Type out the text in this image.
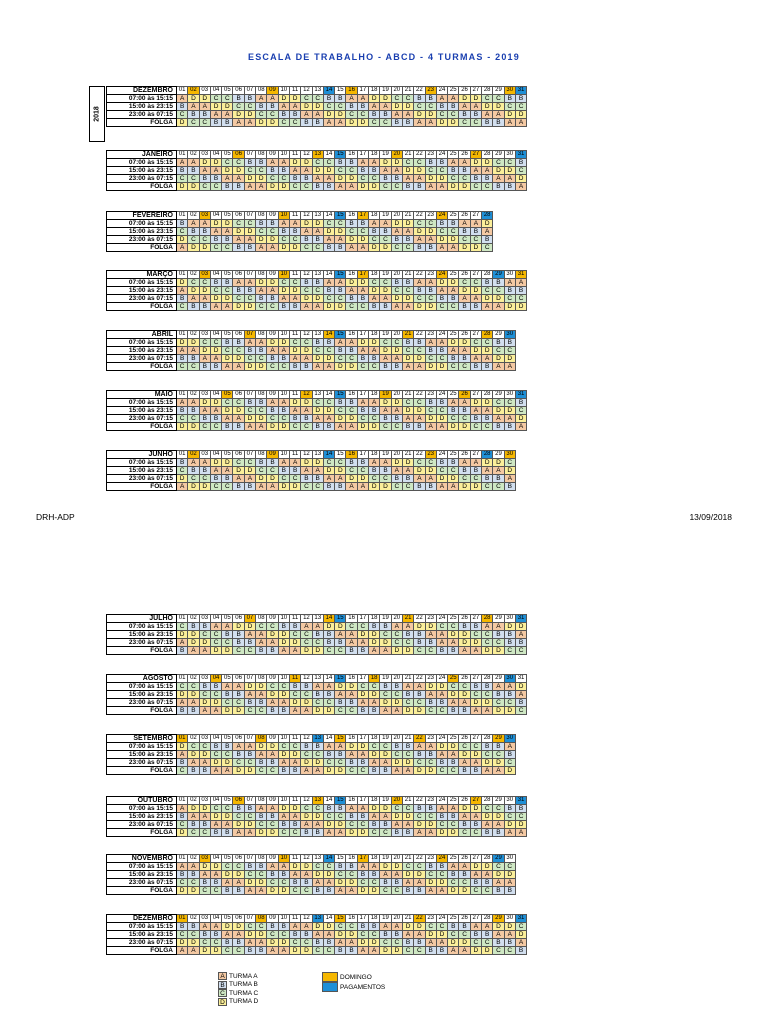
ESCALA DE TRABALHO - ABCD - 4 TURMAS - 2019
2018
DEZEMBRO	01	02	03	04	05	06	07	08	09	10	11	12	13	14	15	16	17	18	19	20	21	22	23	24	25	26	27	28	29	30	31
07:00 às 15:15	A	D	D	C	C	B	B	A	A	D	D	C	C	B	B	A	A	D	D	C	C	B	B	A	A	D	D	C	C	B	B
15:00 às 23:15	B	A	A	D	D	C	C	B	B	A	A	D	D	C	C	B	B	A	A	D	D	C	C	B	B	A	A	D	D	C	C
23:00 às 07:15	C	B	B	A	A	D	D	C	C	B	B	A	A	D	D	C	C	B	B	A	A	D	D	C	C	B	B	A	A	D	D
FOLGA	D	C	C	B	B	A	A	D	D	C	C	B	B	A	A	D	D	C	C	B	B	A	A	D	D	C	C	B	B	A	A
JANEIRO	01	02	03	04	05	06	07	08	09	10	11	12	13	14	15	16	17	18	19	20	21	22	23	24	25	26	27	28	29	30	31
07:00 às 15:15	A	A	D	D	C	C	B	B	A	A	D	D	C	C	B	B	A	A	D	D	C	C	B	B	A	A	D	D	C	C	B
15:00 às 23:15	B	B	A	A	D	D	C	C	B	B	A	A	D	D	C	C	B	B	A	A	D	D	C	C	B	B	A	A	D	D	C
23:00 às 07:15	C	C	B	B	A	A	D	D	C	C	B	B	A	A	D	D	C	C	B	B	A	A	D	D	C	C	B	B	A	A	D
FOLGA	D	D	C	C	B	B	A	A	D	D	C	C	B	B	A	A	D	D	C	C	B	B	A	A	D	D	C	C	B	B	A
FEVEREIRO	01	02	03	04	05	06	07	08	09	10	11	12	13	14	15	16	17	18	19	20	21	22	23	24	25	26	27	28
07:00 às 15:15	B	A	A	D	D	C	C	B	B	A	A	D	D	C	C	B	B	A	A	D	D	C	C	B	B	A	A	D
15:00 às 23:15	C	B	B	A	A	D	D	C	C	B	B	A	A	D	D	C	C	B	B	A	A	D	D	C	C	B	B	A
23:00 às 07:15	D	C	C	B	B	A	A	D	D	C	C	B	B	A	A	D	D	C	C	B	B	A	A	D	D	C	C	B
FOLGA	A	D	D	C	C	B	B	A	A	D	D	C	C	B	B	A	A	D	D	C	C	B	B	A	A	D	D	C
MARÇO	01	02	03	04	05	06	07	08	09	10	11	12	13	14	15	16	17	18	19	20	21	22	23	24	25	26	27	28	29	30	31
07:00 às 15:15	D	C	C	B	B	A	A	D	D	C	C	B	B	A	A	D	D	C	C	B	B	A	A	D	D	C	C	B	B	A	A
15:00 às 23:15	A	D	D	C	C	B	B	A	A	D	D	C	C	B	B	A	A	D	D	C	C	B	B	A	A	D	D	C	C	B	B
23:00 às 07:15	B	A	A	D	D	C	C	B	B	A	A	D	D	C	C	B	B	A	A	D	D	C	C	B	B	A	A	D	D	C	C
FOLGA	C	B	B	A	A	D	D	C	C	B	B	A	A	D	D	C	C	B	B	A	A	D	D	C	C	B	B	A	A	D	D
ABRIL	01	02	03	04	05	06	07	08	09	10	11	12	13	14	15	16	17	18	19	20	21	22	23	24	25	26	27	28	29	30
07:00 às 15:15	D	D	C	C	B	B	A	A	D	D	C	C	B	B	A	A	D	D	C	C	B	B	A	A	D	D	C	C	B	B
15:00 às 23:15	A	A	D	D	C	C	B	B	A	A	D	D	C	C	B	B	A	A	D	D	C	C	B	B	A	A	D	D	C	C
23:00 às 07:15	B	B	A	A	D	D	C	C	B	B	A	A	D	D	C	C	B	B	A	A	D	D	C	C	B	B	A	A	D	D
FOLGA	C	C	B	B	A	A	D	D	C	C	B	B	A	A	D	D	C	C	B	B	A	A	D	D	C	C	B	B	A	A
MAIO	01	02	03	04	05	06	07	08	09	10	11	12	13	14	15	16	17	18	19	20	21	22	23	24	25	26	27	28	29	30	31
07:00 às 15:15	A	A	D	D	C	C	B	B	A	A	D	D	C	C	B	B	A	A	D	D	C	C	B	B	A	A	D	D	C	C	B
15:00 às 23:15	B	B	A	A	D	D	C	C	B	B	A	A	D	D	C	C	B	B	A	A	D	D	C	C	B	B	A	A	D	D	C
23:00 às 07:15	C	C	B	B	A	A	D	D	C	C	B	B	A	A	D	D	C	C	B	B	A	A	D	D	C	C	B	B	A	A	D
FOLGA	D	D	C	C	B	B	A	A	D	D	C	C	B	B	A	A	D	D	C	C	B	B	A	A	D	D	C	C	B	B	A
JUNHO	01	02	03	04	05	06	07	08	09	10	11	12	13	14	15	16	17	18	19	20	21	22	23	24	25	26	27	28	29	30
07:00 às 15:15	B	A	A	D	D	C	C	B	B	A	A	D	D	C	C	B	B	A	A	D	D	C	C	B	B	A	A	D	D	C
15:00 às 23:15	C	B	B	A	A	D	D	C	C	B	B	A	A	D	D	C	C	B	B	A	A	D	D	C	C	B	B	A	A	D
23:00 às 07:15	D	C	C	B	B	A	A	D	D	C	C	B	B	A	A	D	D	C	C	B	B	A	A	D	D	C	C	B	B	A
FOLGA	A	D	D	C	C	B	B	A	A	D	D	C	C	B	B	A	A	D	D	C	C	B	B	A	A	D	D	C	C	B
JULHO	01	02	03	04	05	06	07	08	09	10	11	12	13	14	15	16	17	18	19	20	21	22	23	24	25	26	27	28	29	30	31
07:00 às 15:15	C	B	B	A	A	D	D	C	C	B	B	A	A	D	D	C	C	B	B	A	A	D	D	C	C	B	B	A	A	D	D
15:00 às 23:15	D	D	C	C	B	B	A	A	D	D	C	C	B	B	A	A	D	D	C	C	B	B	A	A	D	D	C	C	B	B	A
23:00 às 07:15	A	D	D	C	C	B	B	A	A	D	D	C	C	B	B	A	A	D	D	C	C	B	B	A	A	D	D	C	C	B	B
FOLGA	B	A	A	D	D	C	C	B	B	A	A	D	D	C	C	B	B	A	A	D	D	C	C	B	B	A	A	D	D	C	C
AGOSTO	01	02	03	04	05	06	07	08	09	10	11	12	13	14	15	16	17	18	19	20	21	22	23	24	25	26	27	28	29	30	31
07:00 às 15:15	C	C	B	B	A	A	D	D	C	C	B	B	A	A	D	D	C	C	B	B	A	A	D	D	C	C	B	B	A	A	D
15:00 às 23:15	D	D	C	C	B	B	A	A	D	D	C	C	B	B	A	A	D	D	C	C	B	B	A	A	D	D	C	C	B	B	A
23:00 às 07:15	A	A	D	D	C	C	B	B	A	A	D	D	C	C	B	B	A	A	D	D	C	C	B	B	A	A	D	D	C	C	B
FOLGA	B	B	A	A	D	D	C	C	B	B	A	A	D	D	C	C	B	B	A	A	D	D	C	C	B	B	A	A	D	D	C
SETEMBRO	01	02	03	04	05	06	07	08	09	10	11	12	13	14	15	16	17	18	19	20	21	22	23	24	25	26	27	28	29	30
07:00 às 15:15	D	C	C	B	B	A	A	D	D	C	C	B	B	A	A	D	D	C	C	B	B	A	A	D	D	C	C	B	B	A
15:00 às 23:15	A	D	D	C	C	B	B	A	A	D	D	C	C	B	B	A	A	D	D	C	C	B	B	A	A	D	D	C	C	B
23:00 às 07:15	B	A	A	D	D	C	C	B	B	A	A	D	D	C	C	B	B	A	A	D	D	C	C	B	B	A	A	D	D	C
FOLGA	C	B	B	A	A	D	D	C	C	B	B	A	A	D	D	C	C	B	B	A	A	D	D	C	C	B	B	A	A	D
OUTUBRO	01	02	03	04	05	06	07	08	09	10	11	12	13	14	15	16	17	18	19	20	21	22	23	24	25	26	27	28	29	30	31
07:00 às 15:15	A	D	D	C	C	B	B	A	A	D	D	C	C	B	B	A	A	D	D	C	C	B	B	A	A	D	D	C	C	B	B
15:00 às 23:15	B	A	A	D	D	C	C	B	B	A	A	D	D	C	C	B	B	A	A	D	D	C	C	B	B	A	A	D	D	C	C
23:00 às 07:15	C	B	B	A	A	D	D	C	C	B	B	A	A	D	D	C	C	B	B	A	A	D	D	C	C	B	B	A	A	D	D
FOLGA	D	C	C	B	B	A	A	D	D	C	C	B	B	A	A	D	D	C	C	B	B	A	A	D	D	C	C	B	B	A	A
NOVEMBRO	01	02	03	04	05	06	07	08	09	10	11	12	13	14	15	16	17	18	19	20	21	22	23	24	25	26	27	28	29	30
07:00 às 15:15	A	A	D	D	C	C	B	B	A	A	D	D	C	C	B	B	A	A	D	D	C	C	B	B	A	A	D	D	C	C
15:00 às 23:15	B	B	A	A	D	D	C	C	B	B	A	A	D	D	C	C	B	B	A	A	D	D	C	C	B	B	A	A	D	D
23:00 às 07:15	C	C	B	B	A	A	D	D	C	C	B	B	A	A	D	D	C	C	B	B	A	A	D	D	C	C	B	B	A	A
FOLGA	D	D	C	C	B	B	A	A	D	D	C	C	B	B	A	A	D	D	C	C	B	B	A	A	D	D	C	C	B	B
DEZEMBRO	01	02	03	04	05	06	07	08	09	10	11	12	13	14	15	16	17	18	19	20	21	22	23	24	25	26	27	28	29	30	31
07:00 às 15:15	B	B	A	A	D	D	C	C	B	B	A	A	D	D	C	C	B	B	A	A	D	D	C	C	B	B	A	A	D	D	C
15:00 às 23:15	C	C	B	B	A	A	D	D	C	C	B	B	A	A	D	D	C	C	B	B	A	A	D	D	C	C	B	B	A	A	D
23:00 às 07:15	D	D	C	C	B	B	A	A	D	D	C	C	B	B	A	A	D	D	C	C	B	B	A	A	D	D	C	C	B	B	A
FOLGA	A	A	D	D	C	C	B	B	A	A	D	D	C	C	B	B	A	A	D	D	C	C	B	B	A	A	D	D	C	C	B
DRH-ADP	13/09/2018
A TURMA A
B TURMA B
C TURMA C
D TURMA D
DOMINGO
PAGAMENTOS
